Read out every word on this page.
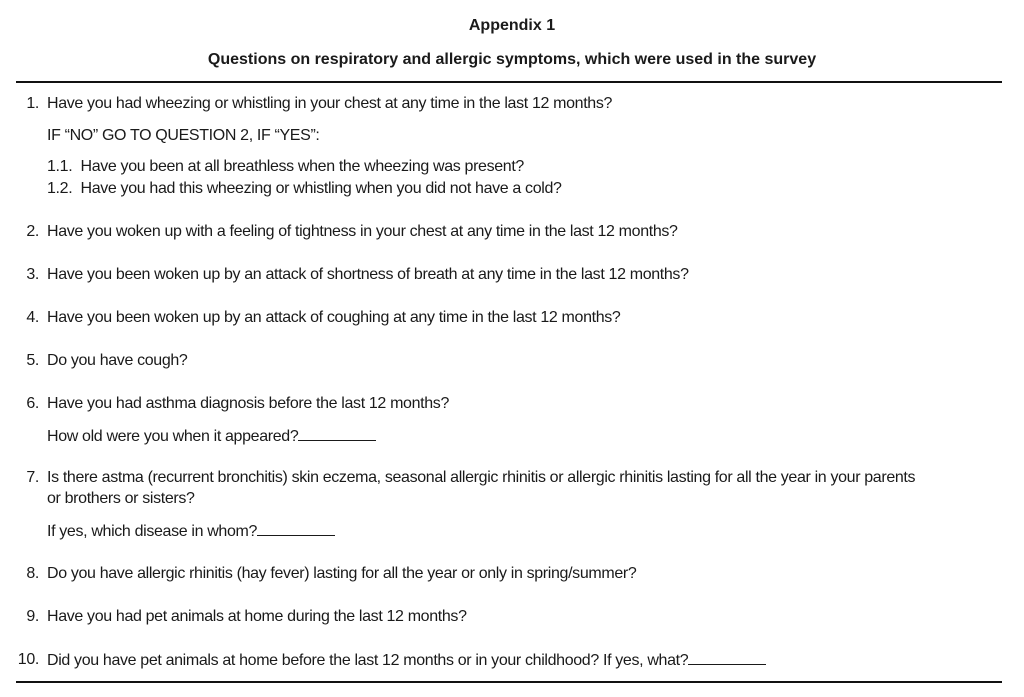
Appendix 1
Questions on respiratory and allergic symptoms, which were used in the survey
1. Have you had wheezing or whistling in your chest at any time in the last 12 months?
IF “NO” GO TO QUESTION 2, IF “YES”:
1.1. Have you been at all breathless when the wheezing was present?
1.2. Have you had this wheezing or whistling when you did not have a cold?
2. Have you woken up with a feeling of tightness in your chest at any time in the last 12 months?
3. Have you been woken up by an attack of shortness of breath at any time in the last 12 months?
4. Have you been woken up by an attack of coughing at any time in the last 12 months?
5. Do you have cough?
6. Have you had asthma diagnosis before the last 12 months?
How old were you when it appeared?
7. Is there astma (recurrent bronchitis) skin eczema, seasonal allergic rhinitis or allergic rhinitis lasting for all the year in your parents
or brothers or sisters?
If yes, which disease in whom?
8. Do you have allergic rhinitis (hay fever) lasting for all the year or only in spring/summer?
9. Have you had pet animals at home during the last 12 months?
10. Did you have pet animals at home before the last 12 months or in your childhood? If yes, what?
